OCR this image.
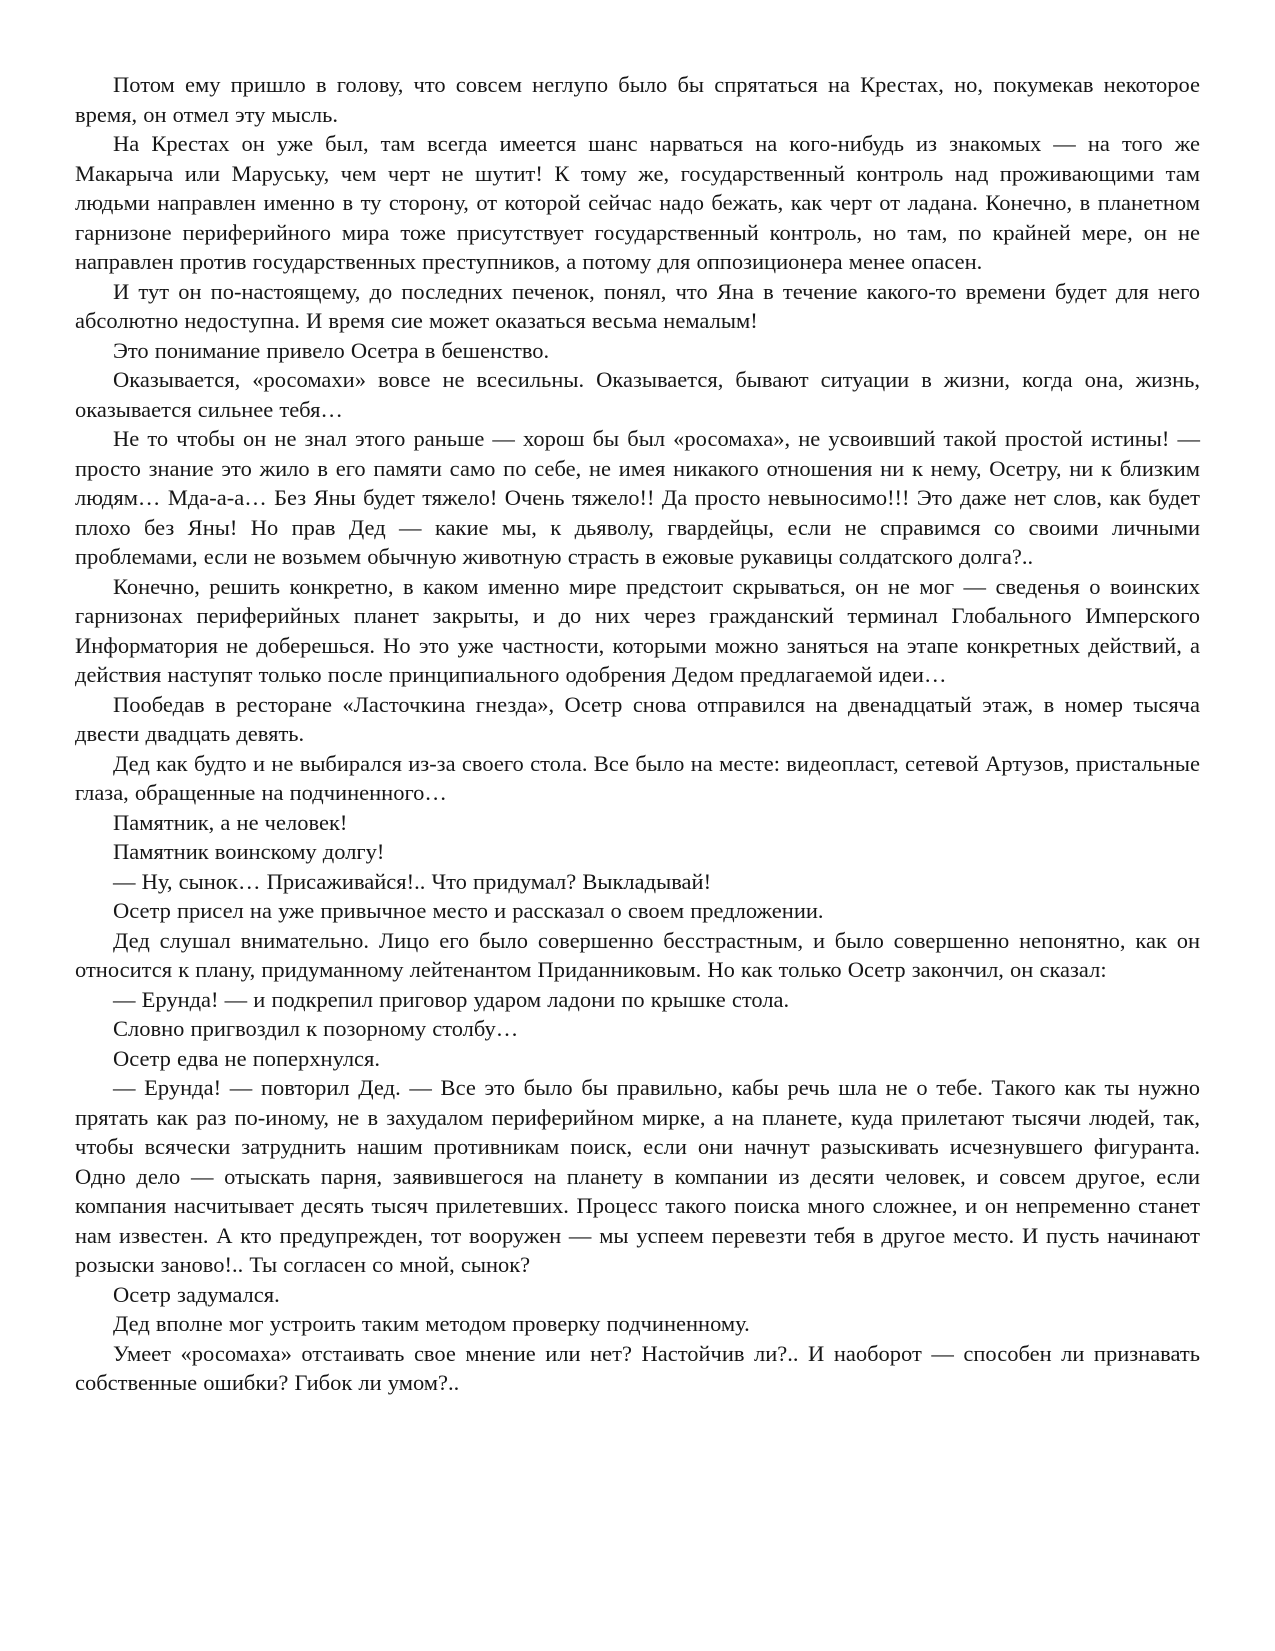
Потом ему пришло в голову, что совсем неглупо было бы спрятаться на Крестах, но, покумекав некоторое время, он отмел эту мысль.

На Крестах он уже был, там всегда имеется шанс нарваться на кого-нибудь из знакомых — на того же Макарыча или Маруську, чем черт не шутит! К тому же, государственный контроль над проживающими там людьми направлен именно в ту сторону, от которой сейчас надо бежать, как черт от ладана. Конечно, в планетном гарнизоне периферийного мира тоже присутствует государственный контроль, но там, по крайней мере, он не направлен против государственных преступников, а потому для оппозиционера менее опасен.

И тут он по-настоящему, до последних печенок, понял, что Яна в течение какого-то времени будет для него абсолютно недоступна. И время сие может оказаться весьма немалым!

Это понимание привело Осетра в бешенство.

Оказывается, «росомахи» вовсе не всесильны. Оказывается, бывают ситуации в жизни, когда она, жизнь, оказывается сильнее тебя…

Не то чтобы он не знал этого раньше — хорош бы был «росомаха», не усвоивший такой простой истины! — просто знание это жило в его памяти само по себе, не имея никакого отношения ни к нему, Осетру, ни к близким людям… Мда-а-а… Без Яны будет тяжело! Очень тяжело!! Да просто невыносимо!!! Это даже нет слов, как будет плохо без Яны! Но прав Дед — какие мы, к дьяволу, гвардейцы, если не справимся со своими личными проблемами, если не возьмем обычную животную страсть в ежовые рукавицы солдатского долга?..

Конечно, решить конкретно, в каком именно мире предстоит скрываться, он не мог — сведенья о воинских гарнизонах периферийных планет закрыты, и до них через гражданский терминал Глобального Имперского Информатория не доберешься. Но это уже частности, которыми можно заняться на этапе конкретных действий, а действия наступят только после принципиального одобрения Дедом предлагаемой идеи…

Пообедав в ресторане «Ласточкина гнезда», Осетр снова отправился на двенадцатый этаж, в номер тысяча двести двадцать девять.

Дед как будто и не выбирался из-за своего стола. Все было на месте: видеопласт, сетевой Артузов, пристальные глаза, обращенные на подчиненного…

Памятник, а не человек!

Памятник воинскому долгу!

— Ну, сынок… Присаживайся!.. Что придумал? Выкладывай!

Осетр присел на уже привычное место и рассказал о своем предложении.

Дед слушал внимательно. Лицо его было совершенно бесстрастным, и было совершенно непонятно, как он относится к плану, придуманному лейтенантом Приданниковым. Но как только Осетр закончил, он сказал:

— Ерунда! — и подкрепил приговор ударом ладони по крышке стола.

Словно пригвоздил к позорному столбу…

Осетр едва не поперхнулся.

— Ерунда! — повторил Дед. — Все это было бы правильно, кабы речь шла не о тебе. Такого как ты нужно прятать как раз по-иному, не в захудалом периферийном мирке, а на планете, куда прилетают тысячи людей, так, чтобы всячески затруднить нашим противникам поиск, если они начнут разыскивать исчезнувшего фигуранта. Одно дело — отыскать парня, заявившегося на планету в компании из десяти человек, и совсем другое, если компания насчитывает десять тысяч прилетевших. Процесс такого поиска много сложнее, и он непременно станет нам известен. А кто предупрежден, тот вооружен — мы успеем перевезти тебя в другое место. И пусть начинают розыски заново!.. Ты согласен со мной, сынок?

Осетр задумался.

Дед вполне мог устроить таким методом проверку подчиненному.

Умеет «росомаха» отстаивать свое мнение или нет? Настойчив ли?.. И наоборот — способен ли признавать собственные ошибки? Гибок ли умом?..
